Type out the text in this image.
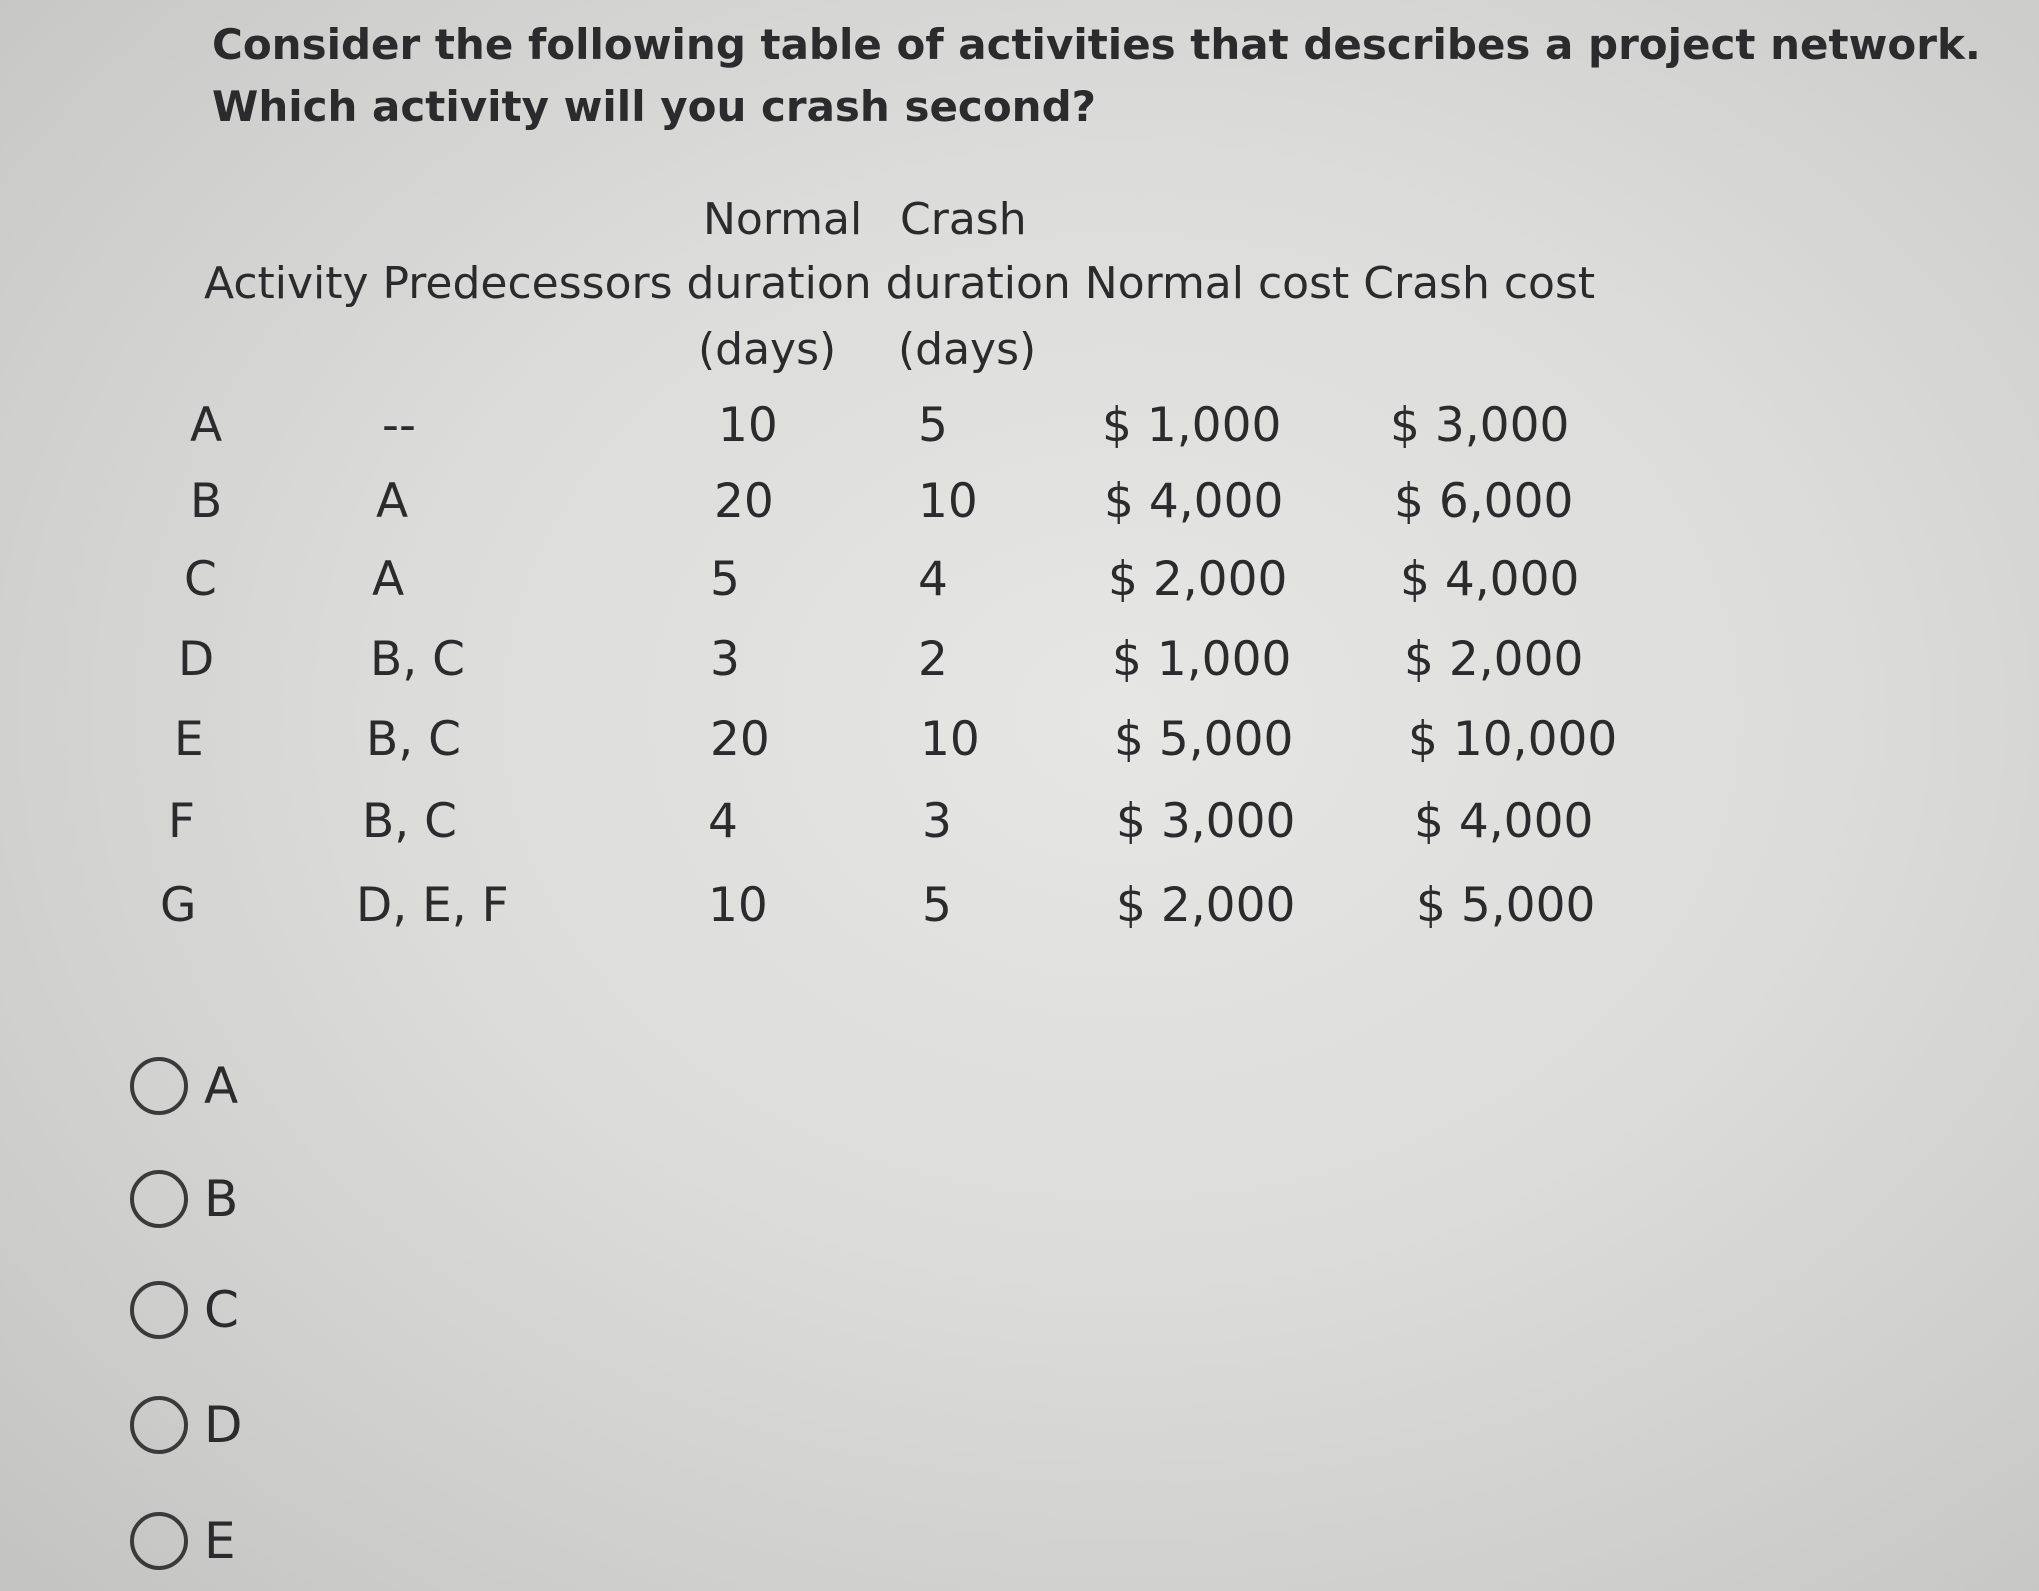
Consider the following table of activities that describes a project network. Which activity will you crash second?
Normal Crash
Activity Predecessors duration duration Normal cost Crash cost
(days) (days)
A	--	10	5	$ 1,000 $ 3,000
B	A	20	10	$ 4,000 $ 6,000
C	A	5	4	$ 2,000 $ 4,000
D	B, C	3	2	$ 1,000 $ 2,000
E	B, C	20	10	$ 5,000 $ 10,000
F	B, C	4	3	$ 3,000	$ 4,000
G	D, E, F	10	5	$ 2,000	$ 5,000
A
B
C
D
E
